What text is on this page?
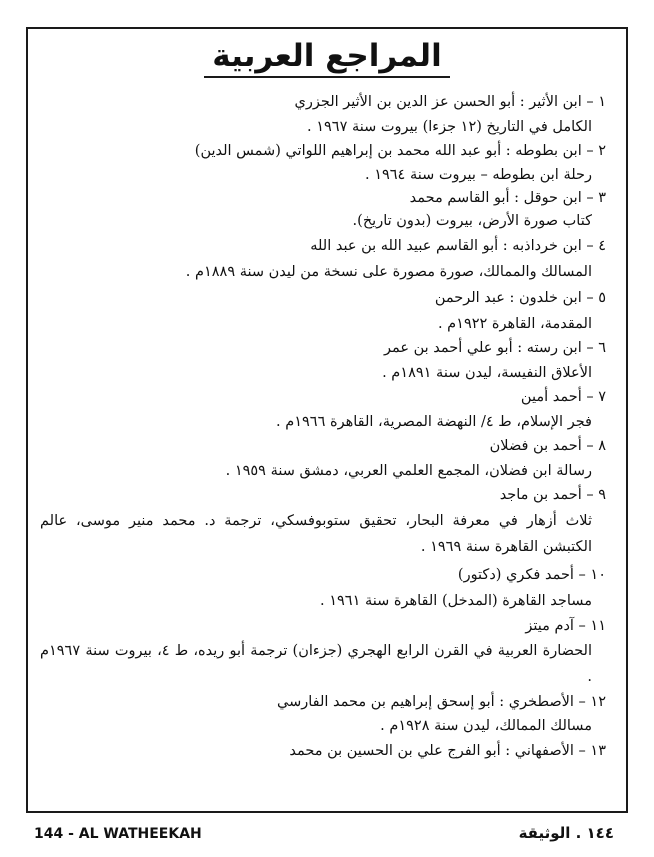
المراجع العربية
١ – ابن الأثير : أبو الحسن عز الدين بن الأثير الجزري
الكامل في التاريخ (١٢ جزءا) بيروت سنة ١٩٦٧ .
٢ – ابن بطوطه : أبو عبد الله محمد بن إبراهيم اللواتي (شمس الدين)
رحلة ابن بطوطه – بيروت سنة ١٩٦٤ .
٣ – ابن حوقل : أبو القاسم محمد
كتاب صورة الأرض، بيروت (بدون تاريخ).
٤ – ابن خرداذبه : أبو القاسم عبيد الله بن عبد الله
المسالك والممالك، صورة مصورة على نسخة من ليدن سنة ١٨٨٩م .
٥ – ابن خلدون : عبد الرحمن
المقدمة، القاهرة ١٩٢٢م .
٦ – ابن رسته : أبو علي أحمد بن عمر
الأعلاق النفيسة، ليدن سنة ١٨٩١م .
٧ – أحمد أمين
فجر الإسلام، ط ٤/ النهضة المصرية، القاهرة ١٩٦٦م .
٨ – أحمد بن فضلان
رسالة ابن فضلان، المجمع العلمي العربي، دمشق سنة ١٩٥٩ .
٩ – أحمد بن ماجد
ثلاث أزهار في معرفة البحار، تحقيق ستوبوفسكي، ترجمة د. محمد منير موسى، عالم الكتبشن القاهرة سنة ١٩٦٩ .
١٠ – أحمد فكري (دكتور)
مساجد القاهرة (المدخل) القاهرة سنة ١٩٦١ .
١١ – آدم ميتز
الحضارة العربية في القرن الرابع الهجري (جزءان) ترجمة أبو ريده، ط ٤، بيروت سنة ١٩٦٧م .
١٢ – الأصطخري : أبو إسحق إبراهيم بن محمد الفارسي
مسالك الممالك، ليدن سنة ١٩٢٨م .
١٣ – الأصفهاني : أبو الفرج علي بن الحسين بن محمد
144 - AL WATHEEKAH	١٤٤ . الوثيقة
